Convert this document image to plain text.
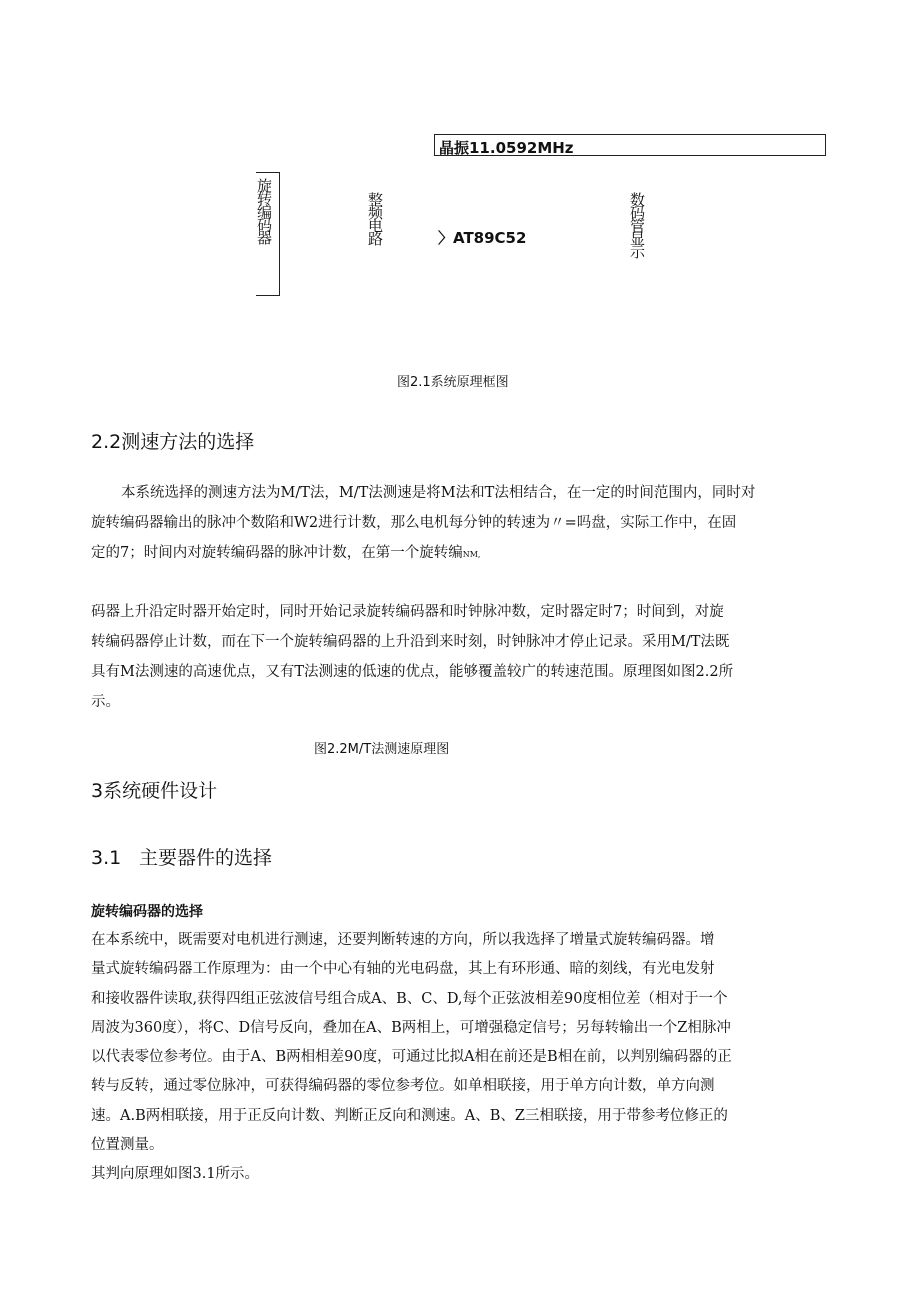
晶振11.0592MHz
旋转编码器	整频电路	〉AT89C52	数码管显示
图2.1系统原理框图
2.2测速方法的选择
本系统选择的测速方法为M/T法，M/T法测速是将M法和T法相结合，在一定的时间范围内，同时对
旋转编码器输出的脉冲个数陷和W2进行计数，那么电机每分钟的转速为〃=吗盘，实际工作中，在固
定的7；时间内对旋转编码器的脉冲计数，在第一个旋转编ΝM,
码器上升沿定时器开始定时，同时开始记录旋转编码器和时钟脉冲数，定时器定时7；时间到，对旋
转编码器停止计数，而在下一个旋转编码器的上升沿到来时刻，时钟脉冲才停止记录。采用M/T法既
具有M法测速的高速优点，又有T法测速的低速的优点，能够覆盖较广的转速范围。原理图如图2.2所
示。
图2.2M/T法测速原理图
3系统硬件设计
3.1 主要器件的选择
旋转编码器的选择
在本系统中，既需要对电机进行测速，还要判断转速的方向，所以我选择了增量式旋转编码器。增
量式旋转编码器工作原理为：由一个中心有轴的光电码盘，其上有环形通、暗的刻线，有光电发射
和接收器件读取,获得四组正弦波信号组合成A、B、C、D,每个正弦波相差90度相位差（相对于一个
周波为360度），将C、D信号反向，叠加在A、B两相上，可增强稳定信号；另每转输出一个Z相脉冲
以代表零位参考位。由于A、B两相相差90度，可通过比拟A相在前还是B相在前，以判别编码器的正
转与反转，通过零位脉冲，可获得编码器的零位参考位。如单相联接，用于单方向计数，单方向测
速。A.B两相联接，用于正反向计数、判断正反向和测速。A、B、Z三相联接，用于带参考位修正的
位置测量。
其判向原理如图3.1所示。
